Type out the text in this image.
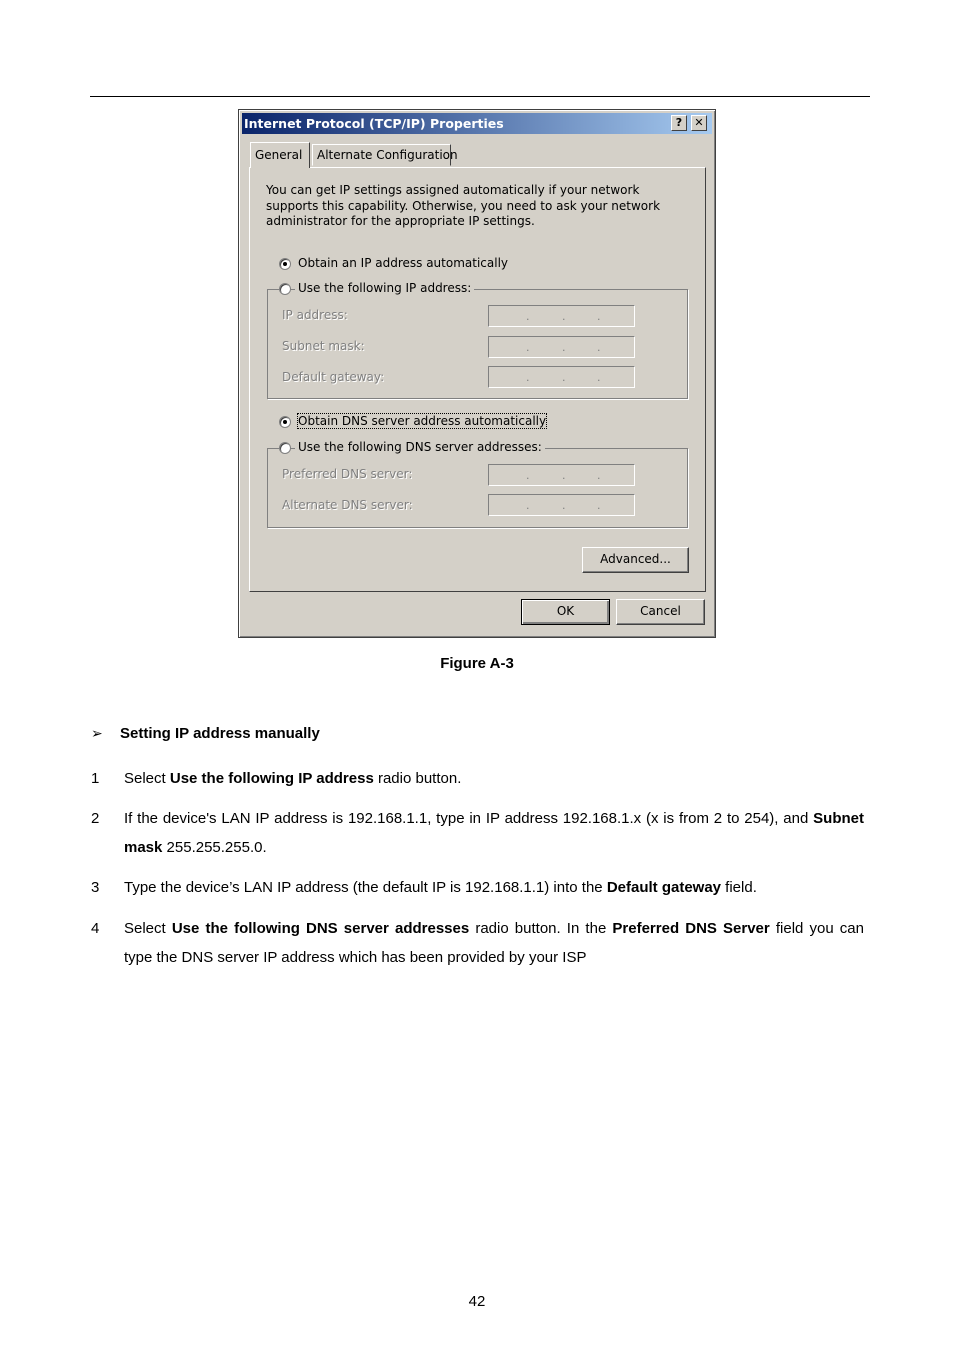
Internet Protocol (TCP/IP) Properties	?	✕
General	Alternate Configuration
You can get IP settings assigned automatically if your network supports this capability. Otherwise, you need to ask your network administrator for the appropriate IP settings.
Obtain an IP address automatically
Use the following IP address:
IP address:	.	.	.
Subnet mask:	.	.	.
Default gateway:	.	.	.
Obtain DNS server address automatically
Use the following DNS server addresses:
Preferred DNS server:	.	.	.
Alternate DNS server:	.	.	.
Advanced...
OK	Cancel
Figure A-3
➢ Setting IP address manually
1 Select Use the following IP address radio button.
2 If the device's LAN IP address is 192.168.1.1, type in IP address 192.168.1.x (x is from 2 to 254), and Subnet mask 255.255.255.0.
3 Type the device’s LAN IP address (the default IP is 192.168.1.1) into the Default gateway field.
4 Select Use the following DNS server addresses radio button. In the Preferred DNS Server field you can type the DNS server IP address which has been provided by your ISP
42
